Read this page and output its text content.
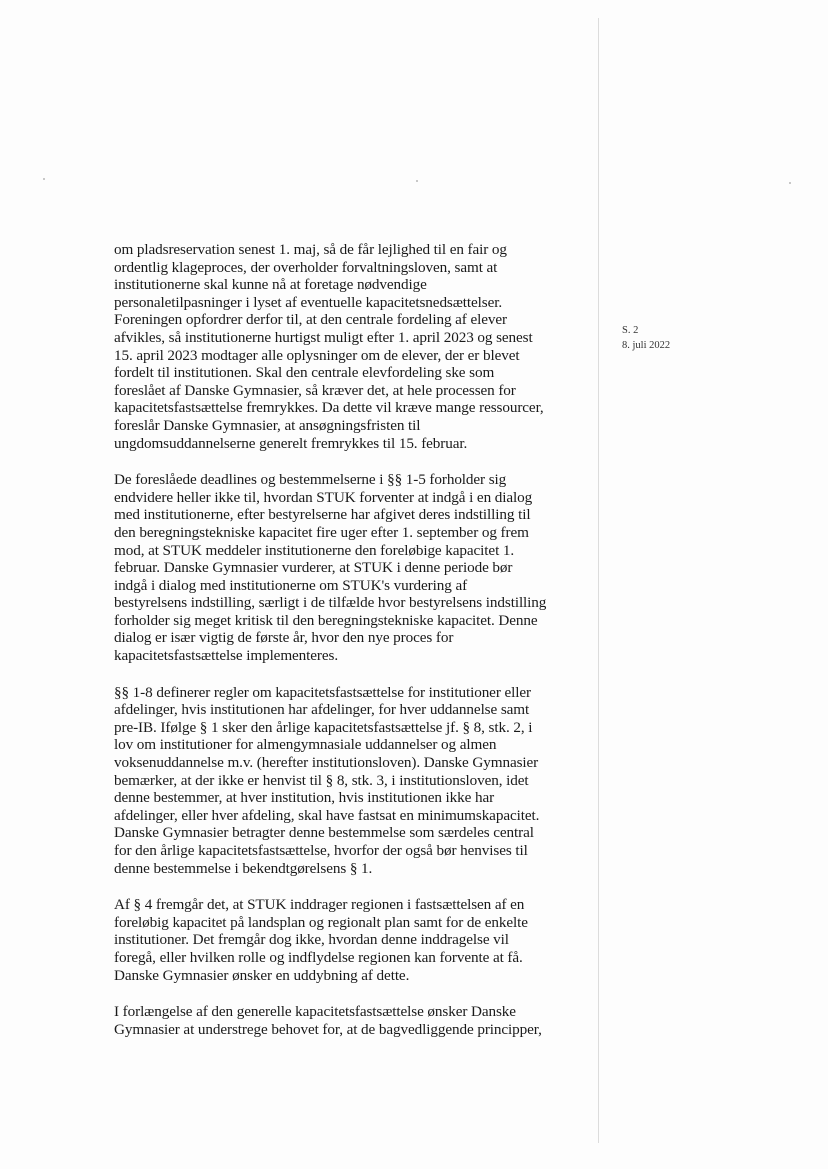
om pladsreservation senest 1. maj, så de får lejlighed til en fair og
ordentlig klageproces, der overholder forvaltningsloven, samt at
institutionerne skal kunne nå at foretage nødvendige
personaletilpasninger i lyset af eventuelle kapacitetsnedsættelser.
Foreningen opfordrer derfor til, at den centrale fordeling af elever
afvikles, så institutionerne hurtigst muligt efter 1. april 2023 og senest
15. april 2023 modtager alle oplysninger om de elever, der er blevet
fordelt til institutionen. Skal den centrale elevfordeling ske som
foreslået af Danske Gymnasier, så kræver det, at hele processen for
kapacitetsfastsættelse fremrykkes. Da dette vil kræve mange ressourcer,
foreslår Danske Gymnasier, at ansøgningsfristen til
ungdomsuddannelserne generelt fremrykkes til 15. februar.

De foreslåede deadlines og bestemmelserne i §§ 1-5 forholder sig
endvidere heller ikke til, hvordan STUK forventer at indgå i en dialog
med institutionerne, efter bestyrelserne har afgivet deres indstilling til
den beregningstekniske kapacitet fire uger efter 1. september og frem
mod, at STUK meddeler institutionerne den foreløbige kapacitet 1.
februar. Danske Gymnasier vurderer, at STUK i denne periode bør
indgå i dialog med institutionerne om STUK's vurdering af
bestyrelsens indstilling, særligt i de tilfælde hvor bestyrelsens indstilling
forholder sig meget kritisk til den beregningstekniske kapacitet. Denne
dialog er især vigtig de første år, hvor den nye proces for
kapacitetsfastsættelse implementeres.

§§ 1-8 definerer regler om kapacitetsfastsættelse for institutioner eller
afdelinger, hvis institutionen har afdelinger, for hver uddannelse samt
pre-IB. Ifølge § 1 sker den årlige kapacitetsfastsættelse jf. § 8, stk. 2, i
lov om institutioner for almengymnasiale uddannelser og almen
voksenuddannelse m.v. (herefter institutionsloven). Danske Gymnasier
bemærker, at der ikke er henvist til § 8, stk. 3, i institutionsloven, idet
denne bestemmer, at hver institution, hvis institutionen ikke har
afdelinger, eller hver afdeling, skal have fastsat en minimumskapacitet.
Danske Gymnasier betragter denne bestemmelse som særdeles central
for den årlige kapacitetsfastsættelse, hvorfor der også bør henvises til
denne bestemmelse i bekendtgørelsens § 1.

Af § 4 fremgår det, at STUK inddrager regionen i fastsættelsen af en
foreløbig kapacitet på landsplan og regionalt plan samt for de enkelte
institutioner. Det fremgår dog ikke, hvordan denne inddragelse vil
foregå, eller hvilken rolle og indflydelse regionen kan forvente at få.
Danske Gymnasier ønsker en uddybning af dette.

I forlængelse af den generelle kapacitetsfastsættelse ønsker Danske
Gymnasier at understrege behovet for, at de bagvedliggende principper,

S. 2
8. juli 2022
